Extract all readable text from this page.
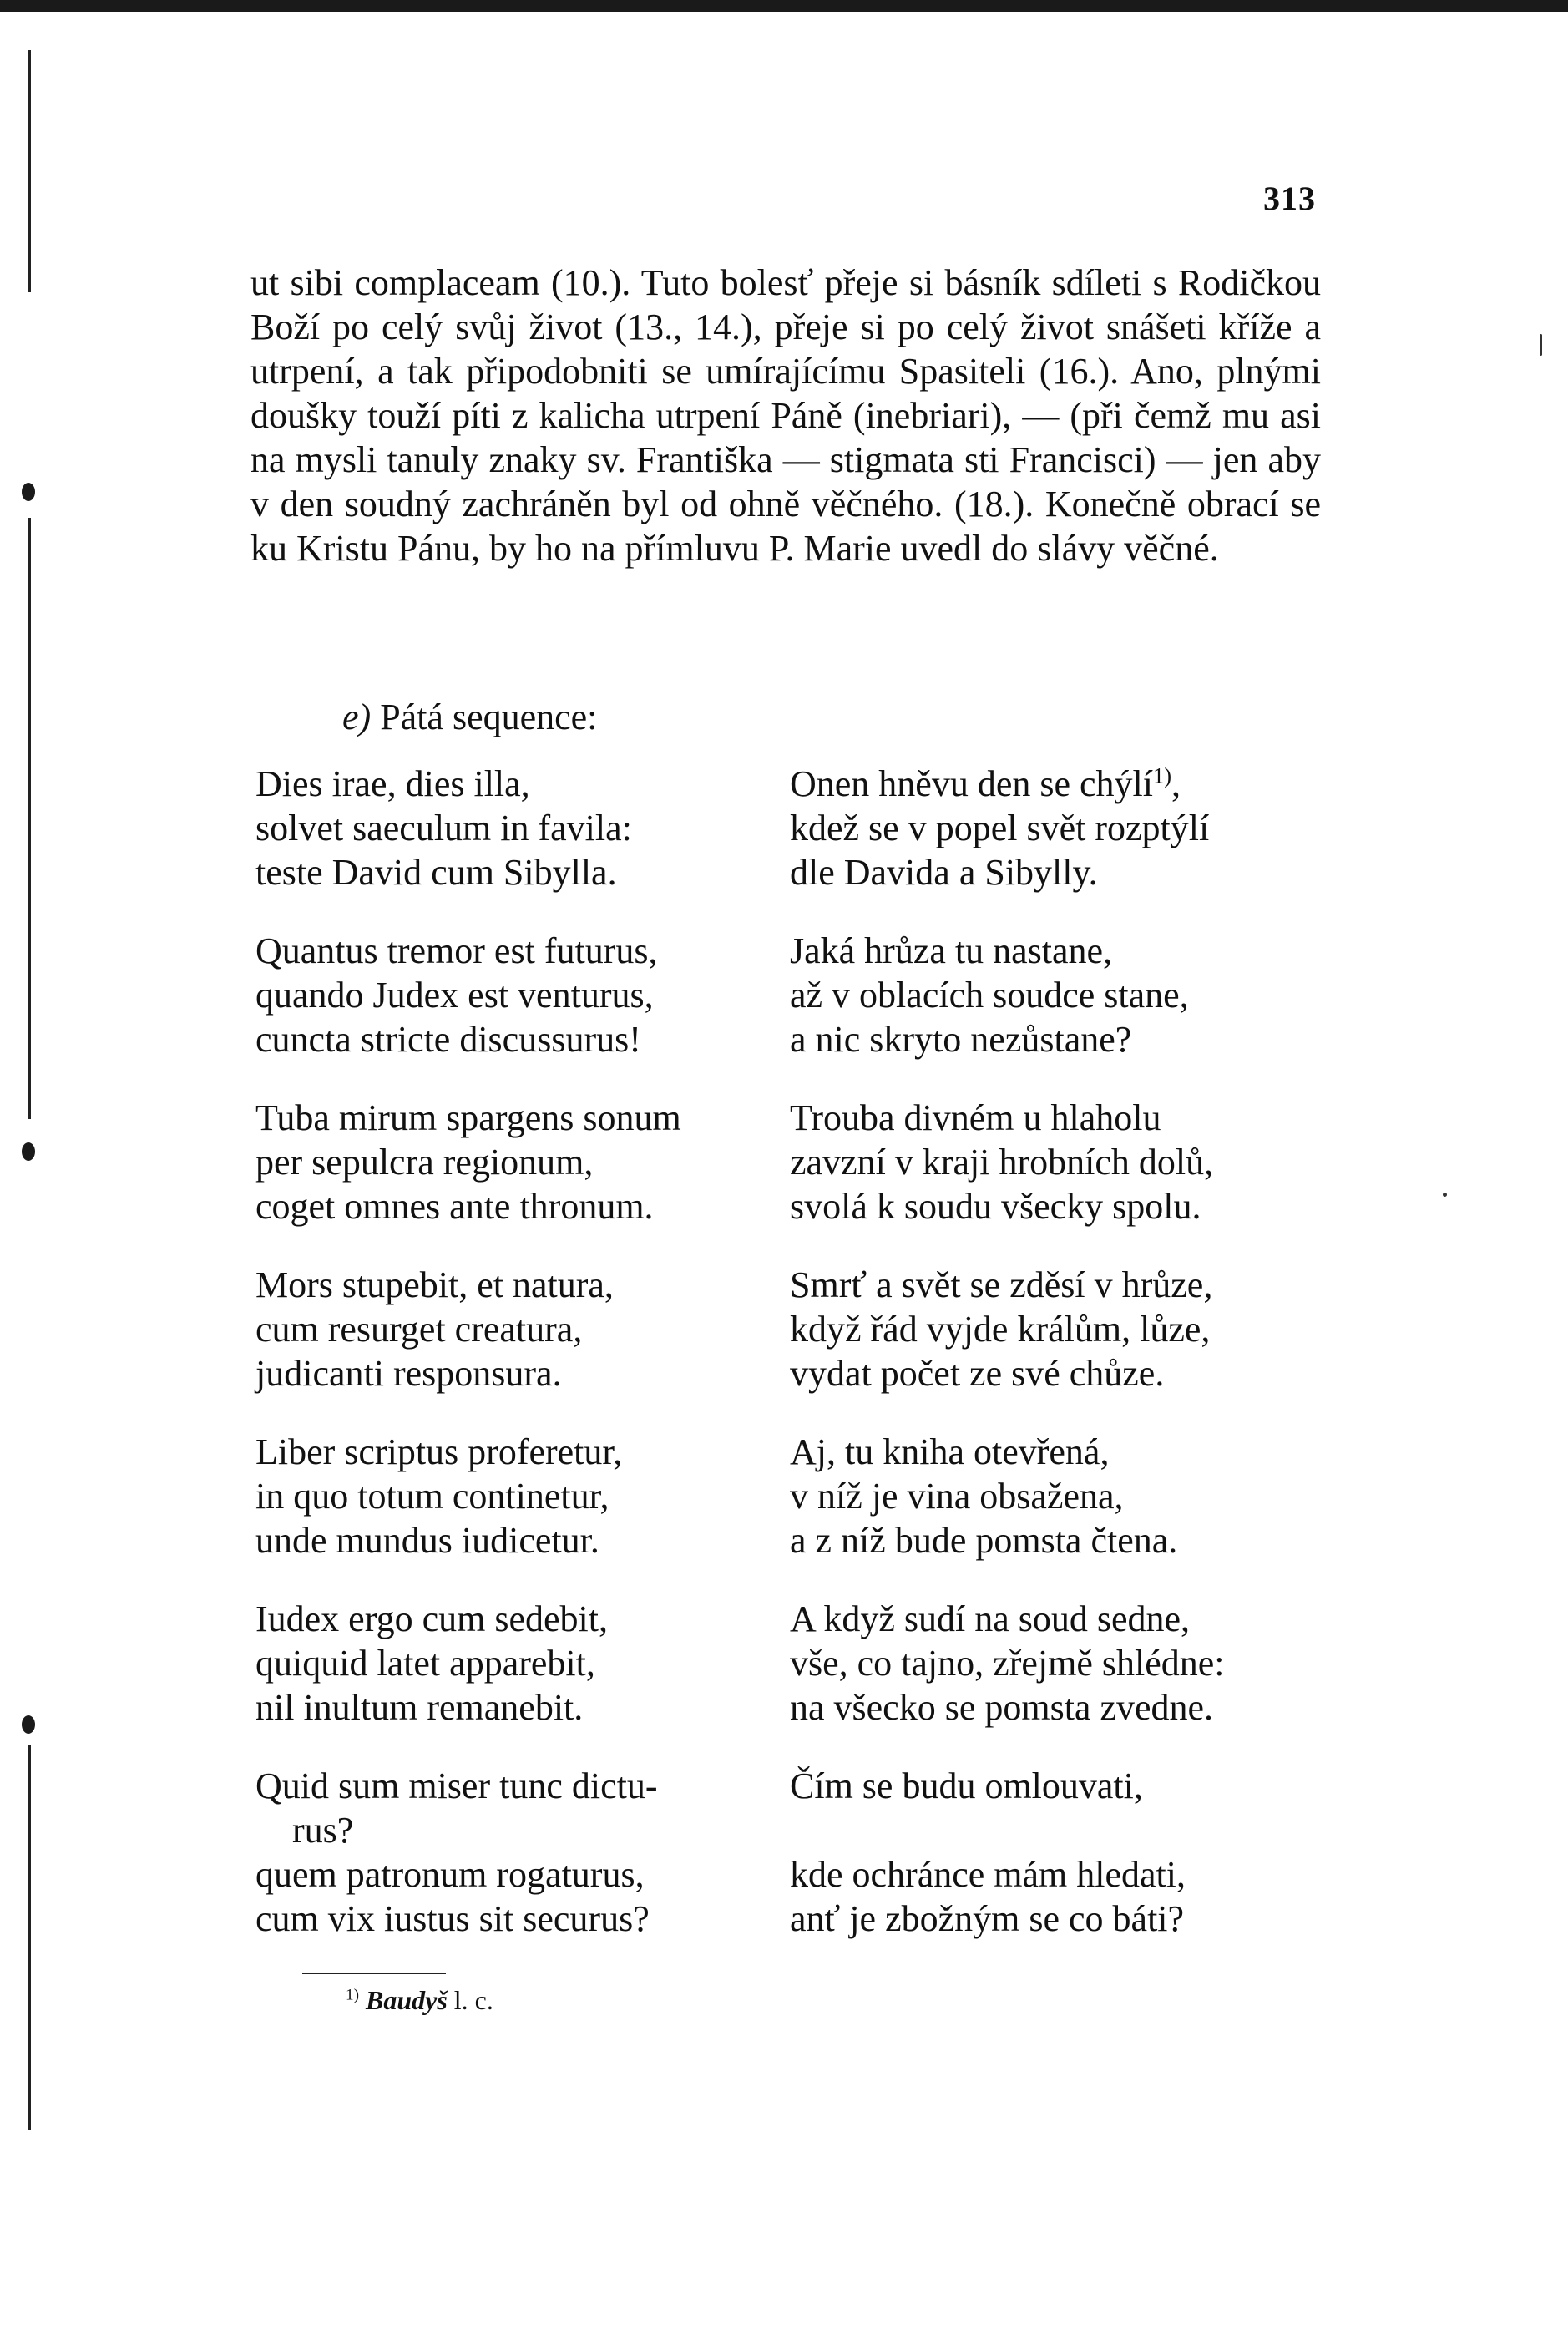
313

ut sibi complaceam (10.). Tuto bolesť přeje si básník sdíleti s Rodičkou Boží po celý svůj život (13., 14.), přeje si po celý život snášeti kříže a utrpení, a tak připodobniti se umírajícímu Spasiteli (16.). Ano, plnými doušky touží píti z kalicha utrpení Páně (inebriari), — (při čemž mu asi na mysli tanuly znaky sv. Františka — stigmata sti Francisci) — jen aby v den soudný zachráněn byl od ohně věčného. (18.). Konečně obrací se ku Kristu Pánu, by ho na přímluvu P. Marie uvedl do slávy věčné.

e) Pátá sequence:

Dies irae, dies illa,
solvet saeculum in favila:
teste David cum Sibylla.
Onen hněvu den se chýlí$^{1)}$,
kdež se v popel svět rozptýlí
dle Davida a Sibylly.
Quantus tremor est futurus,
quando Judex est venturus,
cuncta stricte discussurus!
Jaká hrůza tu nastane,
až v oblacích soudce stane,
a nic skryto nezůstane?
Tuba mirum spargens sonum
per sepulcra regionum,
coget omnes ante thronum.
Trouba divném u hlaholu
zavzní v kraji hrobních dolů,
svolá k soudu všecky spolu.
Mors stupebit, et natura,
cum resurget creatura,
judicanti responsura.
Smrť a svět se zděsí v hrůze,
když řád vyjde králům, lůze,
vydat počet ze své chůze.
Liber scriptus proferetur,
in quo totum continetur,
unde mundus iudicetur.
Aj, tu kniha otevřená,
v níž je vina obsažena,
a z níž bude pomsta čtena.
Iudex ergo cum sedebit,
quiquid latet apparebit,
nil inultum remanebit.
A když sudí na soud sedne,
vše, co tajno, zřejmě shlédne:
na všecko se pomsta zvedne.
Quid sum miser tunc dictu-
rus?
quem patronum rogaturus,
cum vix iustus sit securus?
Čím se budu omlouvati,

kde ochránce mám hledati,
anť je zbožným se co báti?
$^{1)}$ Baudyš l. c.
